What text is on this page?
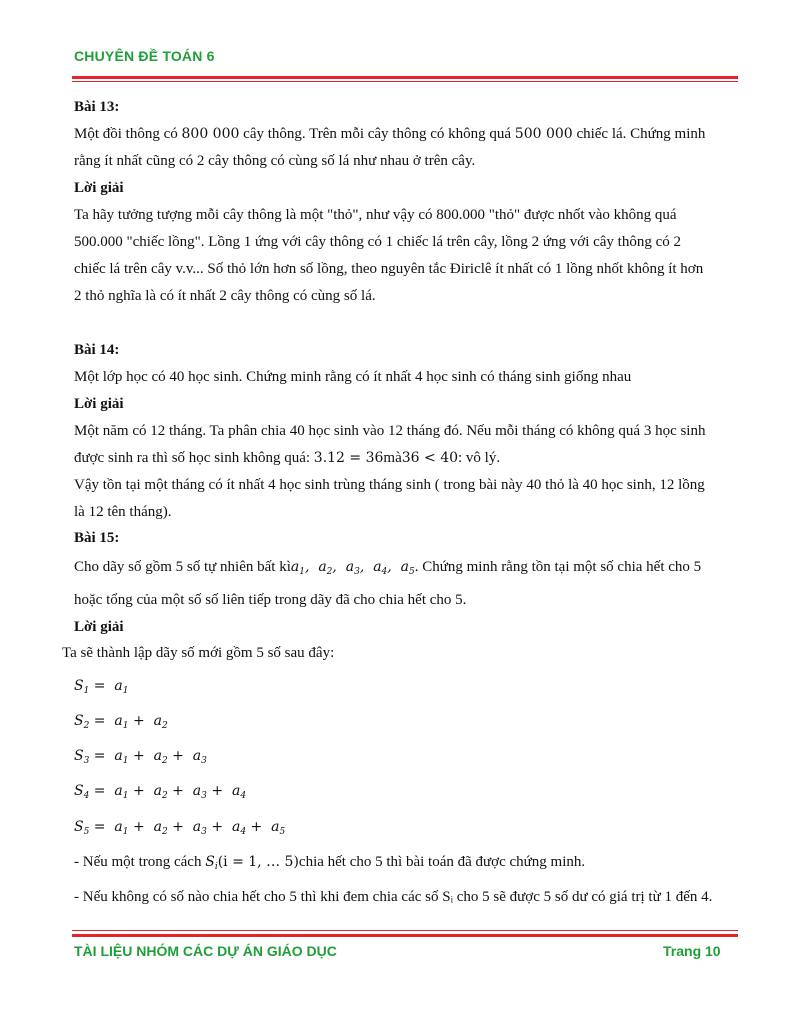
CHUYÊN ĐỀ TOÁN 6
Bài 13:
Một đồi thông có 800 000 cây thông. Trên mỗi cây thông có không quá 500 000 chiếc lá. Chứng minh
rằng ít nhất cũng có 2 cây thông có cùng số lá như nhau ở trên cây.
Lời giải
Ta hãy tưởng tượng mỗi cây thông là một "thỏ", như vậy có 800.000 "thỏ" được nhốt vào không quá
500.000 "chiếc lồng". Lồng 1 ứng với cây thông có 1 chiếc lá trên cây, lồng 2 ứng với cây thông có 2
chiếc lá trên cây v.v... Số thỏ lớn hơn số lồng, theo nguyên tắc Điriclê ít nhất có 1 lồng nhốt không ít hơn
2 thỏ nghĩa là có ít nhất 2 cây thông có cùng số lá.
Bài 14:
Một lớp học có 40 học sinh. Chứng minh rằng có ít nhất 4 học sinh có tháng sinh giống nhau
Lời giải
Một năm có 12 tháng. Ta phân chia 40 học sinh vào 12 tháng đó. Nếu mỗi tháng có không quá 3 học sinh
được sinh ra thì số học sinh không quá: 3.12 = 36mà36 < 40: vô lý.
Vậy tồn tại một tháng có ít nhất 4 học sinh trùng tháng sinh ( trong bài này 40 thỏ là 40 học sinh, 12 lồng
là 12 tên tháng).
Bài 15:
Cho dãy số gồm 5 số tự nhiên bất kìa$_1$,  $a_2$,  $a_3$,  $a_4$,  $a_5$. Chứng minh rằng tồn tại một số chia hết cho 5
hoặc tổng của một số số liên tiếp trong dãy đã cho chia hết cho 5.
Lời giải
Ta sẽ thành lập dãy số mới gồm 5 số sau đây:
$S_1 = a_1$
$S_2 = a_1 + a_2$
$S_3 = a_1 + a_2 + a_3$
$S_4 = a_1 + a_2 + a_3 + a_4$
$S_5 = a_1 + a_2 + a_3 + a_4 + a_5$
- Nếu một trong cách $S_i(i = 1$, … 5)chia hết cho 5 thì bài toán đã được chứng minh.
- Nếu không có số nào chia hết cho 5 thì khi đem chia các số Sᵢ cho 5 sẽ được 5 số dư có giá trị từ 1 đến 4.
TÀI LIỆU NHÓM CÁC DỰ ÁN GIÁO DỤC	Trang 10
